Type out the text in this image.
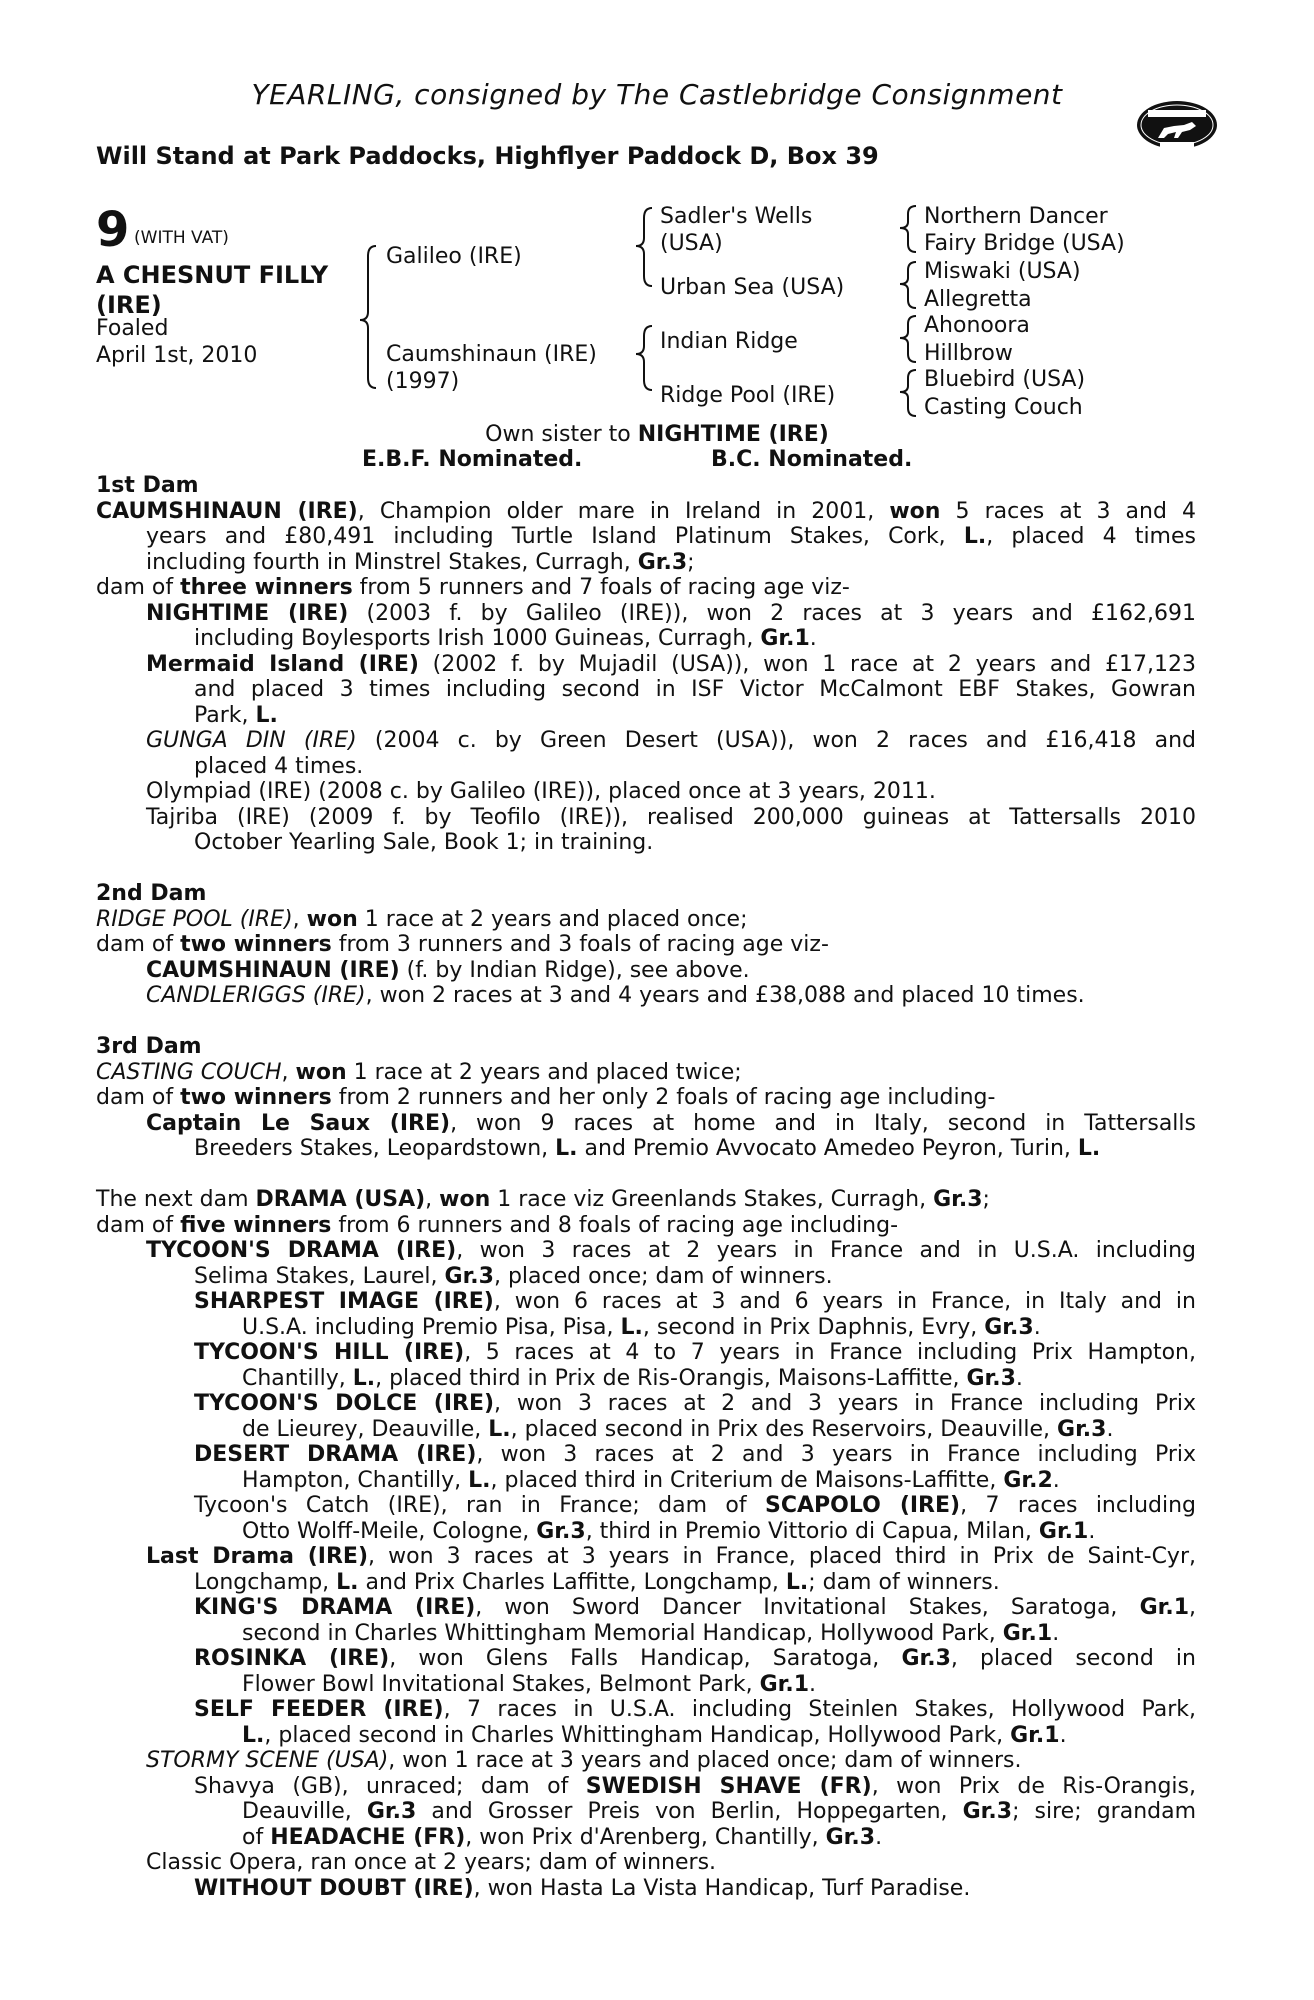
YEARLING, consigned by The Castlebridge Consignment
Will Stand at Park Paddocks, Highflyer Paddock D, Box 39
9 (WITH VAT)
A CHESNUT FILLY
(IRE)
Foaled
April 1st, 2010
Galileo (IRE)
Caumshinaun (IRE)
(1997)
Sadler's Wells
(USA)
Urban Sea (USA)
Indian Ridge
Ridge Pool (IRE)
Northern Dancer
Fairy Bridge (USA)
Miswaki (USA)
Allegretta
Ahonoora
Hillbrow
Bluebird (USA)
Casting Couch
Own sister to NIGHTIME (IRE)
E.B.F. Nominated.	B.C. Nominated.
1st Dam
CAUMSHINAUN (IRE), Champion older mare in Ireland in 2001, won 5 races at 3 and 4
years and £80,491 including Turtle Island Platinum Stakes, Cork, L., placed 4 times
including fourth in Minstrel Stakes, Curragh, Gr.3;
dam of three winners from 5 runners and 7 foals of racing age viz-
NIGHTIME (IRE) (2003 f. by Galileo (IRE)), won 2 races at 3 years and £162,691
including Boylesports Irish 1000 Guineas, Curragh, Gr.1.
Mermaid Island (IRE) (2002 f. by Mujadil (USA)), won 1 race at 2 years and £17,123
and placed 3 times including second in ISF Victor McCalmont EBF Stakes, Gowran
Park, L.
GUNGA DIN (IRE) (2004 c. by Green Desert (USA)), won 2 races and £16,418 and
placed 4 times.
Olympiad (IRE) (2008 c. by Galileo (IRE)), placed once at 3 years, 2011.
Tajriba (IRE) (2009 f. by Teofilo (IRE)), realised 200,000 guineas at Tattersalls 2010
October Yearling Sale, Book 1; in training.
2nd Dam
RIDGE POOL (IRE), won 1 race at 2 years and placed once;
dam of two winners from 3 runners and 3 foals of racing age viz-
CAUMSHINAUN (IRE) (f. by Indian Ridge), see above.
CANDLERIGGS (IRE), won 2 races at 3 and 4 years and £38,088 and placed 10 times.
3rd Dam
CASTING COUCH, won 1 race at 2 years and placed twice;
dam of two winners from 2 runners and her only 2 foals of racing age including-
Captain Le Saux (IRE), won 9 races at home and in Italy, second in Tattersalls
Breeders Stakes, Leopardstown, L. and Premio Avvocato Amedeo Peyron, Turin, L.
The next dam DRAMA (USA), won 1 race viz Greenlands Stakes, Curragh, Gr.3;
dam of five winners from 6 runners and 8 foals of racing age including-
TYCOON'S DRAMA (IRE), won 3 races at 2 years in France and in U.S.A. including
Selima Stakes, Laurel, Gr.3, placed once; dam of winners.
SHARPEST IMAGE (IRE), won 6 races at 3 and 6 years in France, in Italy and in
U.S.A. including Premio Pisa, Pisa, L., second in Prix Daphnis, Evry, Gr.3.
TYCOON'S HILL (IRE), 5 races at 4 to 7 years in France including Prix Hampton,
Chantilly, L., placed third in Prix de Ris-Orangis, Maisons-Laffitte, Gr.3.
TYCOON'S DOLCE (IRE), won 3 races at 2 and 3 years in France including Prix
de Lieurey, Deauville, L., placed second in Prix des Reservoirs, Deauville, Gr.3.
DESERT DRAMA (IRE), won 3 races at 2 and 3 years in France including Prix
Hampton, Chantilly, L., placed third in Criterium de Maisons-Laffitte, Gr.2.
Tycoon's Catch (IRE), ran in France; dam of SCAPOLO (IRE), 7 races including
Otto Wolff-Meile, Cologne, Gr.3, third in Premio Vittorio di Capua, Milan, Gr.1.
Last Drama (IRE), won 3 races at 3 years in France, placed third in Prix de Saint-Cyr,
Longchamp, L. and Prix Charles Laffitte, Longchamp, L.; dam of winners.
KING'S DRAMA (IRE), won Sword Dancer Invitational Stakes, Saratoga, Gr.1,
second in Charles Whittingham Memorial Handicap, Hollywood Park, Gr.1.
ROSINKA (IRE), won Glens Falls Handicap, Saratoga, Gr.3, placed second in
Flower Bowl Invitational Stakes, Belmont Park, Gr.1.
SELF FEEDER (IRE), 7 races in U.S.A. including Steinlen Stakes, Hollywood Park,
L., placed second in Charles Whittingham Handicap, Hollywood Park, Gr.1.
STORMY SCENE (USA), won 1 race at 3 years and placed once; dam of winners.
Shavya (GB), unraced; dam of SWEDISH SHAVE (FR), won Prix de Ris-Orangis,
Deauville, Gr.3 and Grosser Preis von Berlin, Hoppegarten, Gr.3; sire; grandam
of HEADACHE (FR), won Prix d'Arenberg, Chantilly, Gr.3.
Classic Opera, ran once at 2 years; dam of winners.
WITHOUT DOUBT (IRE), won Hasta La Vista Handicap, Turf Paradise.
